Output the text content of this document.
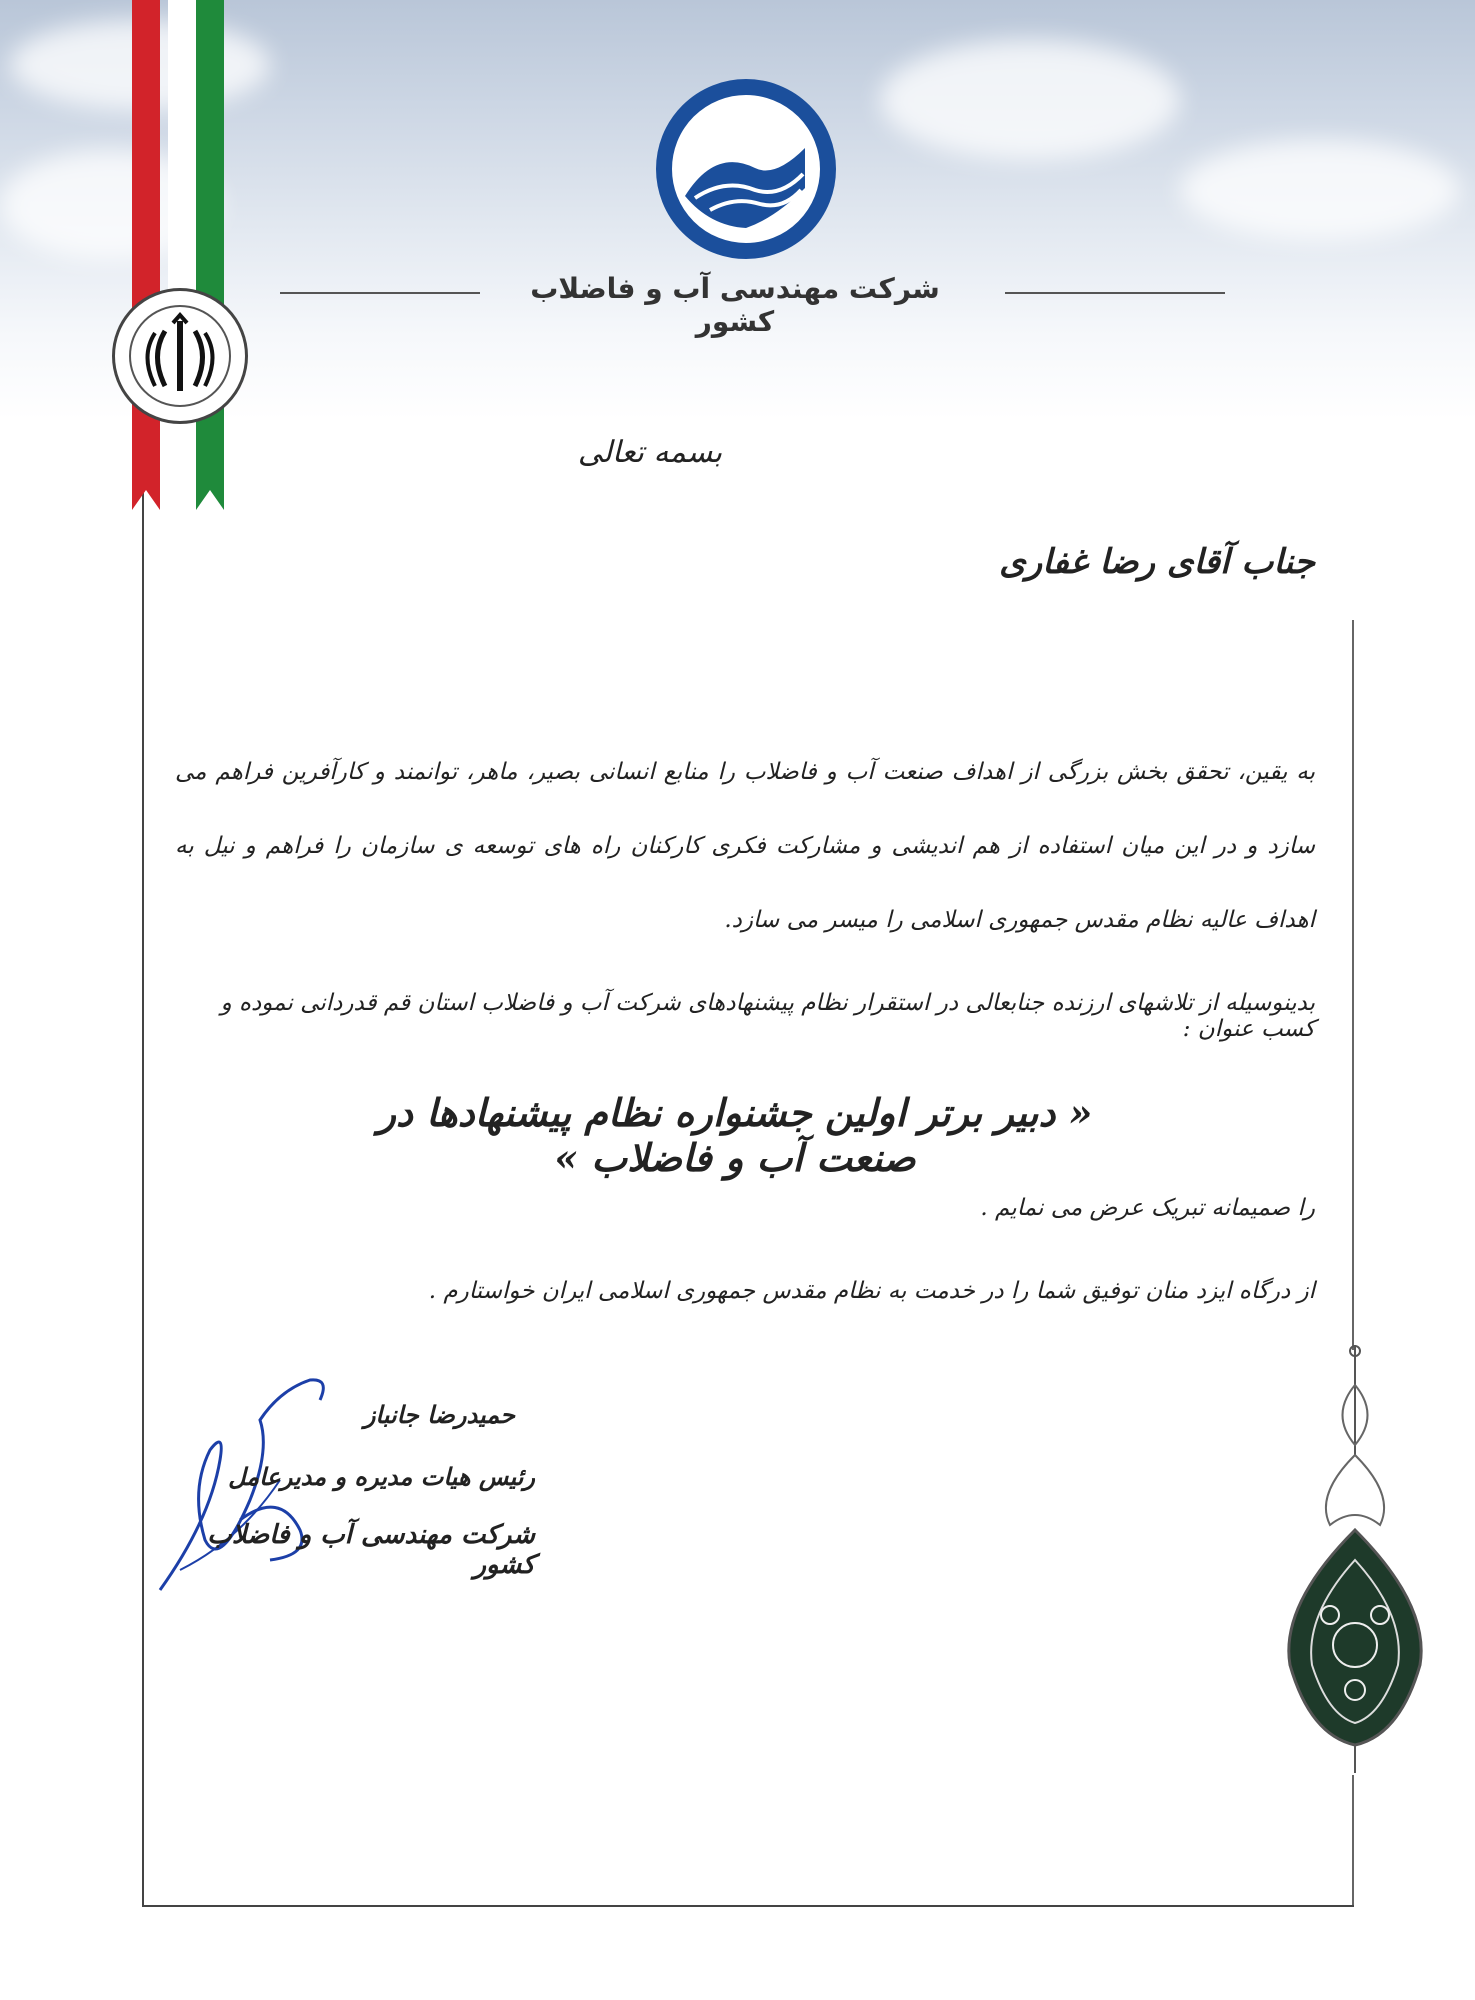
شرکت مهندسی آب و فاضلاب کشور
بسمه تعالی
جناب آقای رضا غفاری
به یقین، تحقق بخش بزرگی از اهداف صنعت آب و فاضلاب را منابع انسانی بصیر، ماهر، توانمند و کارآفرین فراهم می سازد و در این میان استفاده از هم اندیشی و مشارکت فکری کارکنان راه های توسعه ی سازمان را فراهم و نیل به اهداف عالیه نظام مقدس جمهوری اسلامی را میسر می سازد.
بدینوسیله از تلاشهای ارزنده جنابعالی در استقرار نظام پیشنهادهای شرکت آب و فاضلاب استان قم قدردانی نموده و کسب عنوان :
« دبیر برتر اولین جشنواره نظام پیشنهادها در صنعت آب و فاضلاب »
را صمیمانه تبریک عرض می نمایم .
از درگاه ایزد منان توفیق شما را در خدمت به نظام مقدس جمهوری اسلامی ایران خواستارم .
حمیدرضا جانباز
رئیس هیات مدیره و مدیرعامل
شرکت مهندسی آب و فاضلاب کشور
